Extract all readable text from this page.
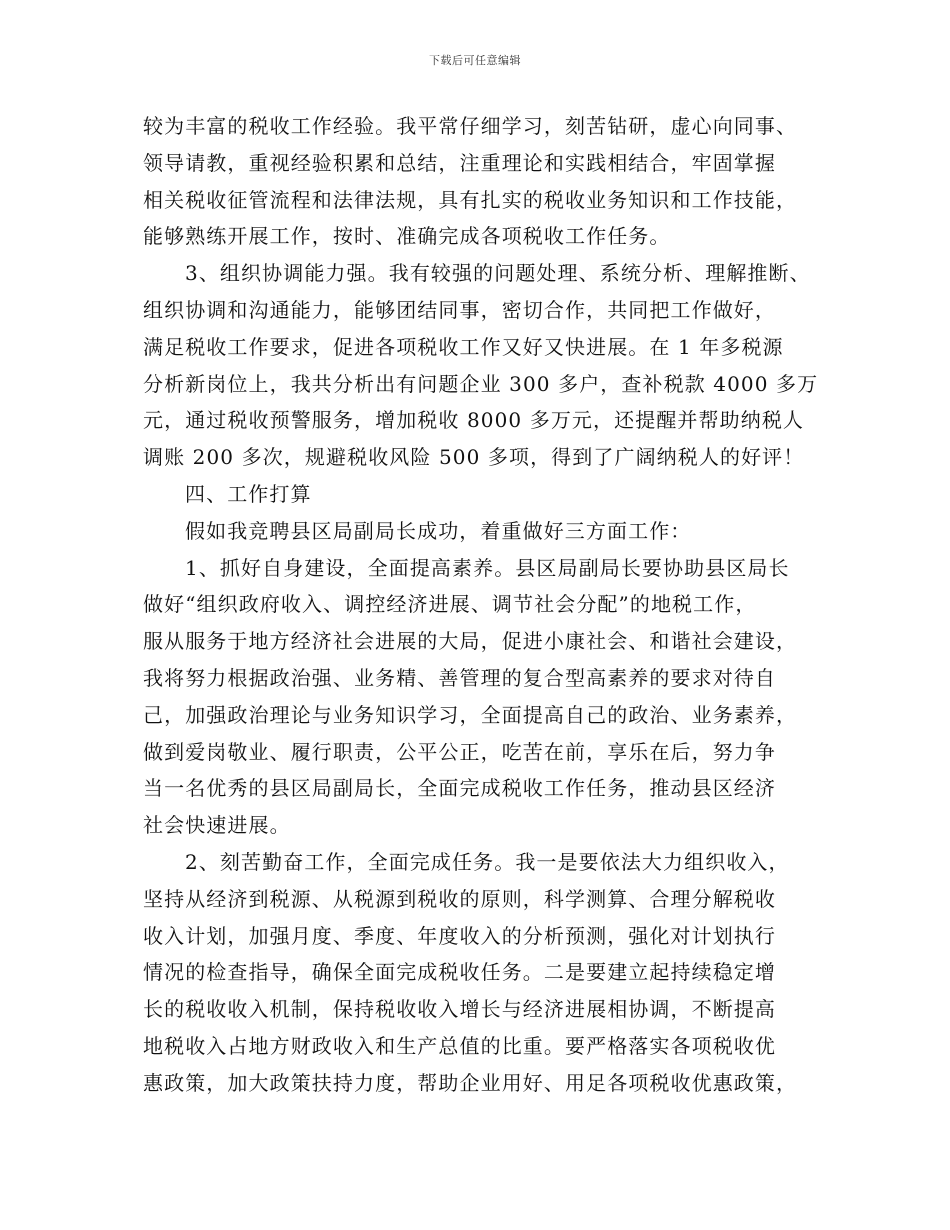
下载后可任意编辑
较为丰富的税收工作经验。我平常仔细学习，刻苦钻研，虚心向同事、
领导请教，重视经验积累和总结，注重理论和实践相结合，牢固掌握
相关税收征管流程和法律法规，具有扎实的税收业务知识和工作技能，
能够熟练开展工作，按时、准确完成各项税收工作任务。
3、组织协调能力强。我有较强的问题处理、系统分析、理解推断、
组织协调和沟通能力，能够团结同事，密切合作，共同把工作做好，
满足税收工作要求，促进各项税收工作又好又快进展。在 1 年多税源
分析新岗位上，我共分析出有问题企业 300 多户，查补税款 4000 多万
元，通过税收预警服务，增加税收 8000 多万元，还提醒并帮助纳税人
调账 200 多次，规避税收风险 500 多项，得到了广阔纳税人的好评！
四、工作打算
假如我竞聘县区局副局长成功，着重做好三方面工作：
1、抓好自身建设，全面提高素养。县区局副局长要协助县区局长
做好“组织政府收入、调控经济进展、调节社会分配”的地税工作，
服从服务于地方经济社会进展的大局，促进小康社会、和谐社会建设，
我将努力根据政治强、业务精、善管理的复合型高素养的要求对待自
己，加强政治理论与业务知识学习，全面提高自己的政治、业务素养，
做到爱岗敬业、履行职责，公平公正，吃苦在前，享乐在后，努力争
当一名优秀的县区局副局长，全面完成税收工作任务，推动县区经济
社会快速进展。
2、刻苦勤奋工作，全面完成任务。我一是要依法大力组织收入，
坚持从经济到税源、从税源到税收的原则，科学测算、合理分解税收
收入计划，加强月度、季度、年度收入的分析预测，强化对计划执行
情况的检查指导，确保全面完成税收任务。二是要建立起持续稳定增
长的税收收入机制，保持税收收入增长与经济进展相协调，不断提高
地税收入占地方财政收入和生产总值的比重。要严格落实各项税收优
惠政策，加大政策扶持力度，帮助企业用好、用足各项税收优惠政策，
